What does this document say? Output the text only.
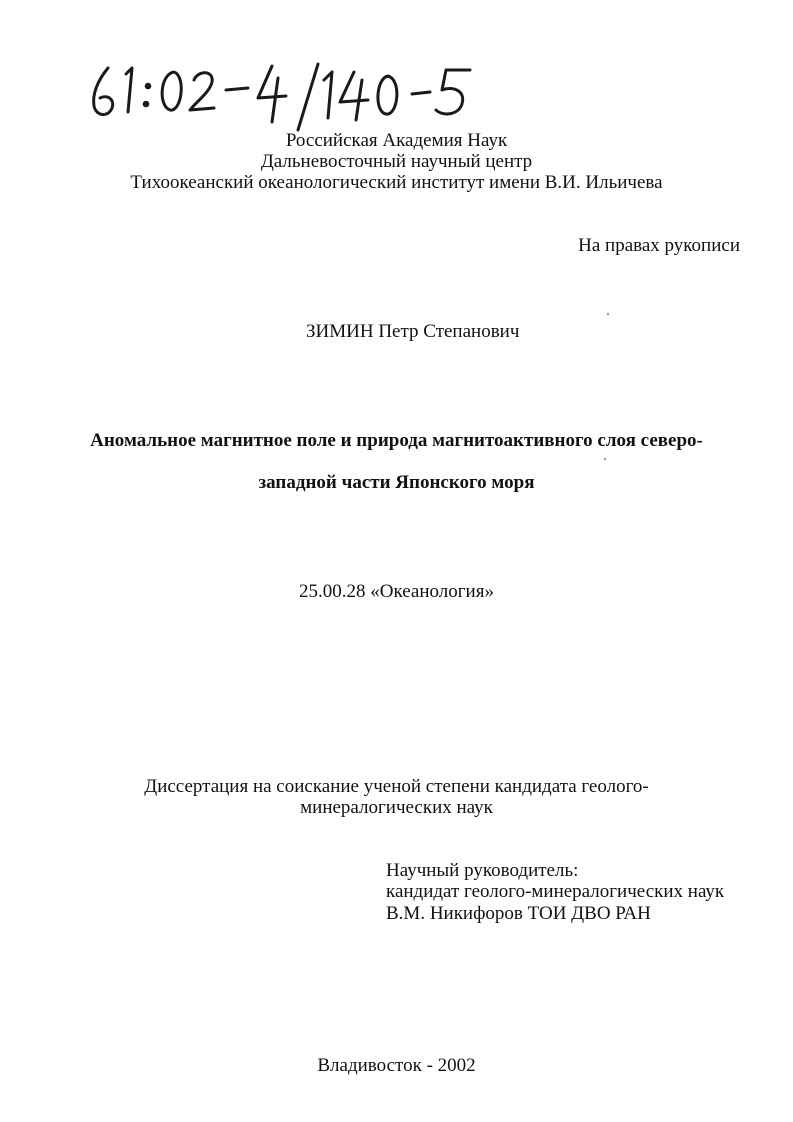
Российская Академия Наук
Дальневосточный научный центр
Тихоокеанский океанологический институт имени В.И. Ильичева
На правах рукописи
ЗИМИН Петр Степанович
Аномальное магнитное поле и природа магнитоактивного слоя северо-
западной части Японского моря
25.00.28 «Океанология»
Диссертация на соискание ученой степени кандидата геолого-
минералогических наук
Научный руководитель:
кандидат геолого-минералогических наук
В.М. Никифоров ТОИ ДВО РАН
Владивосток - 2002
